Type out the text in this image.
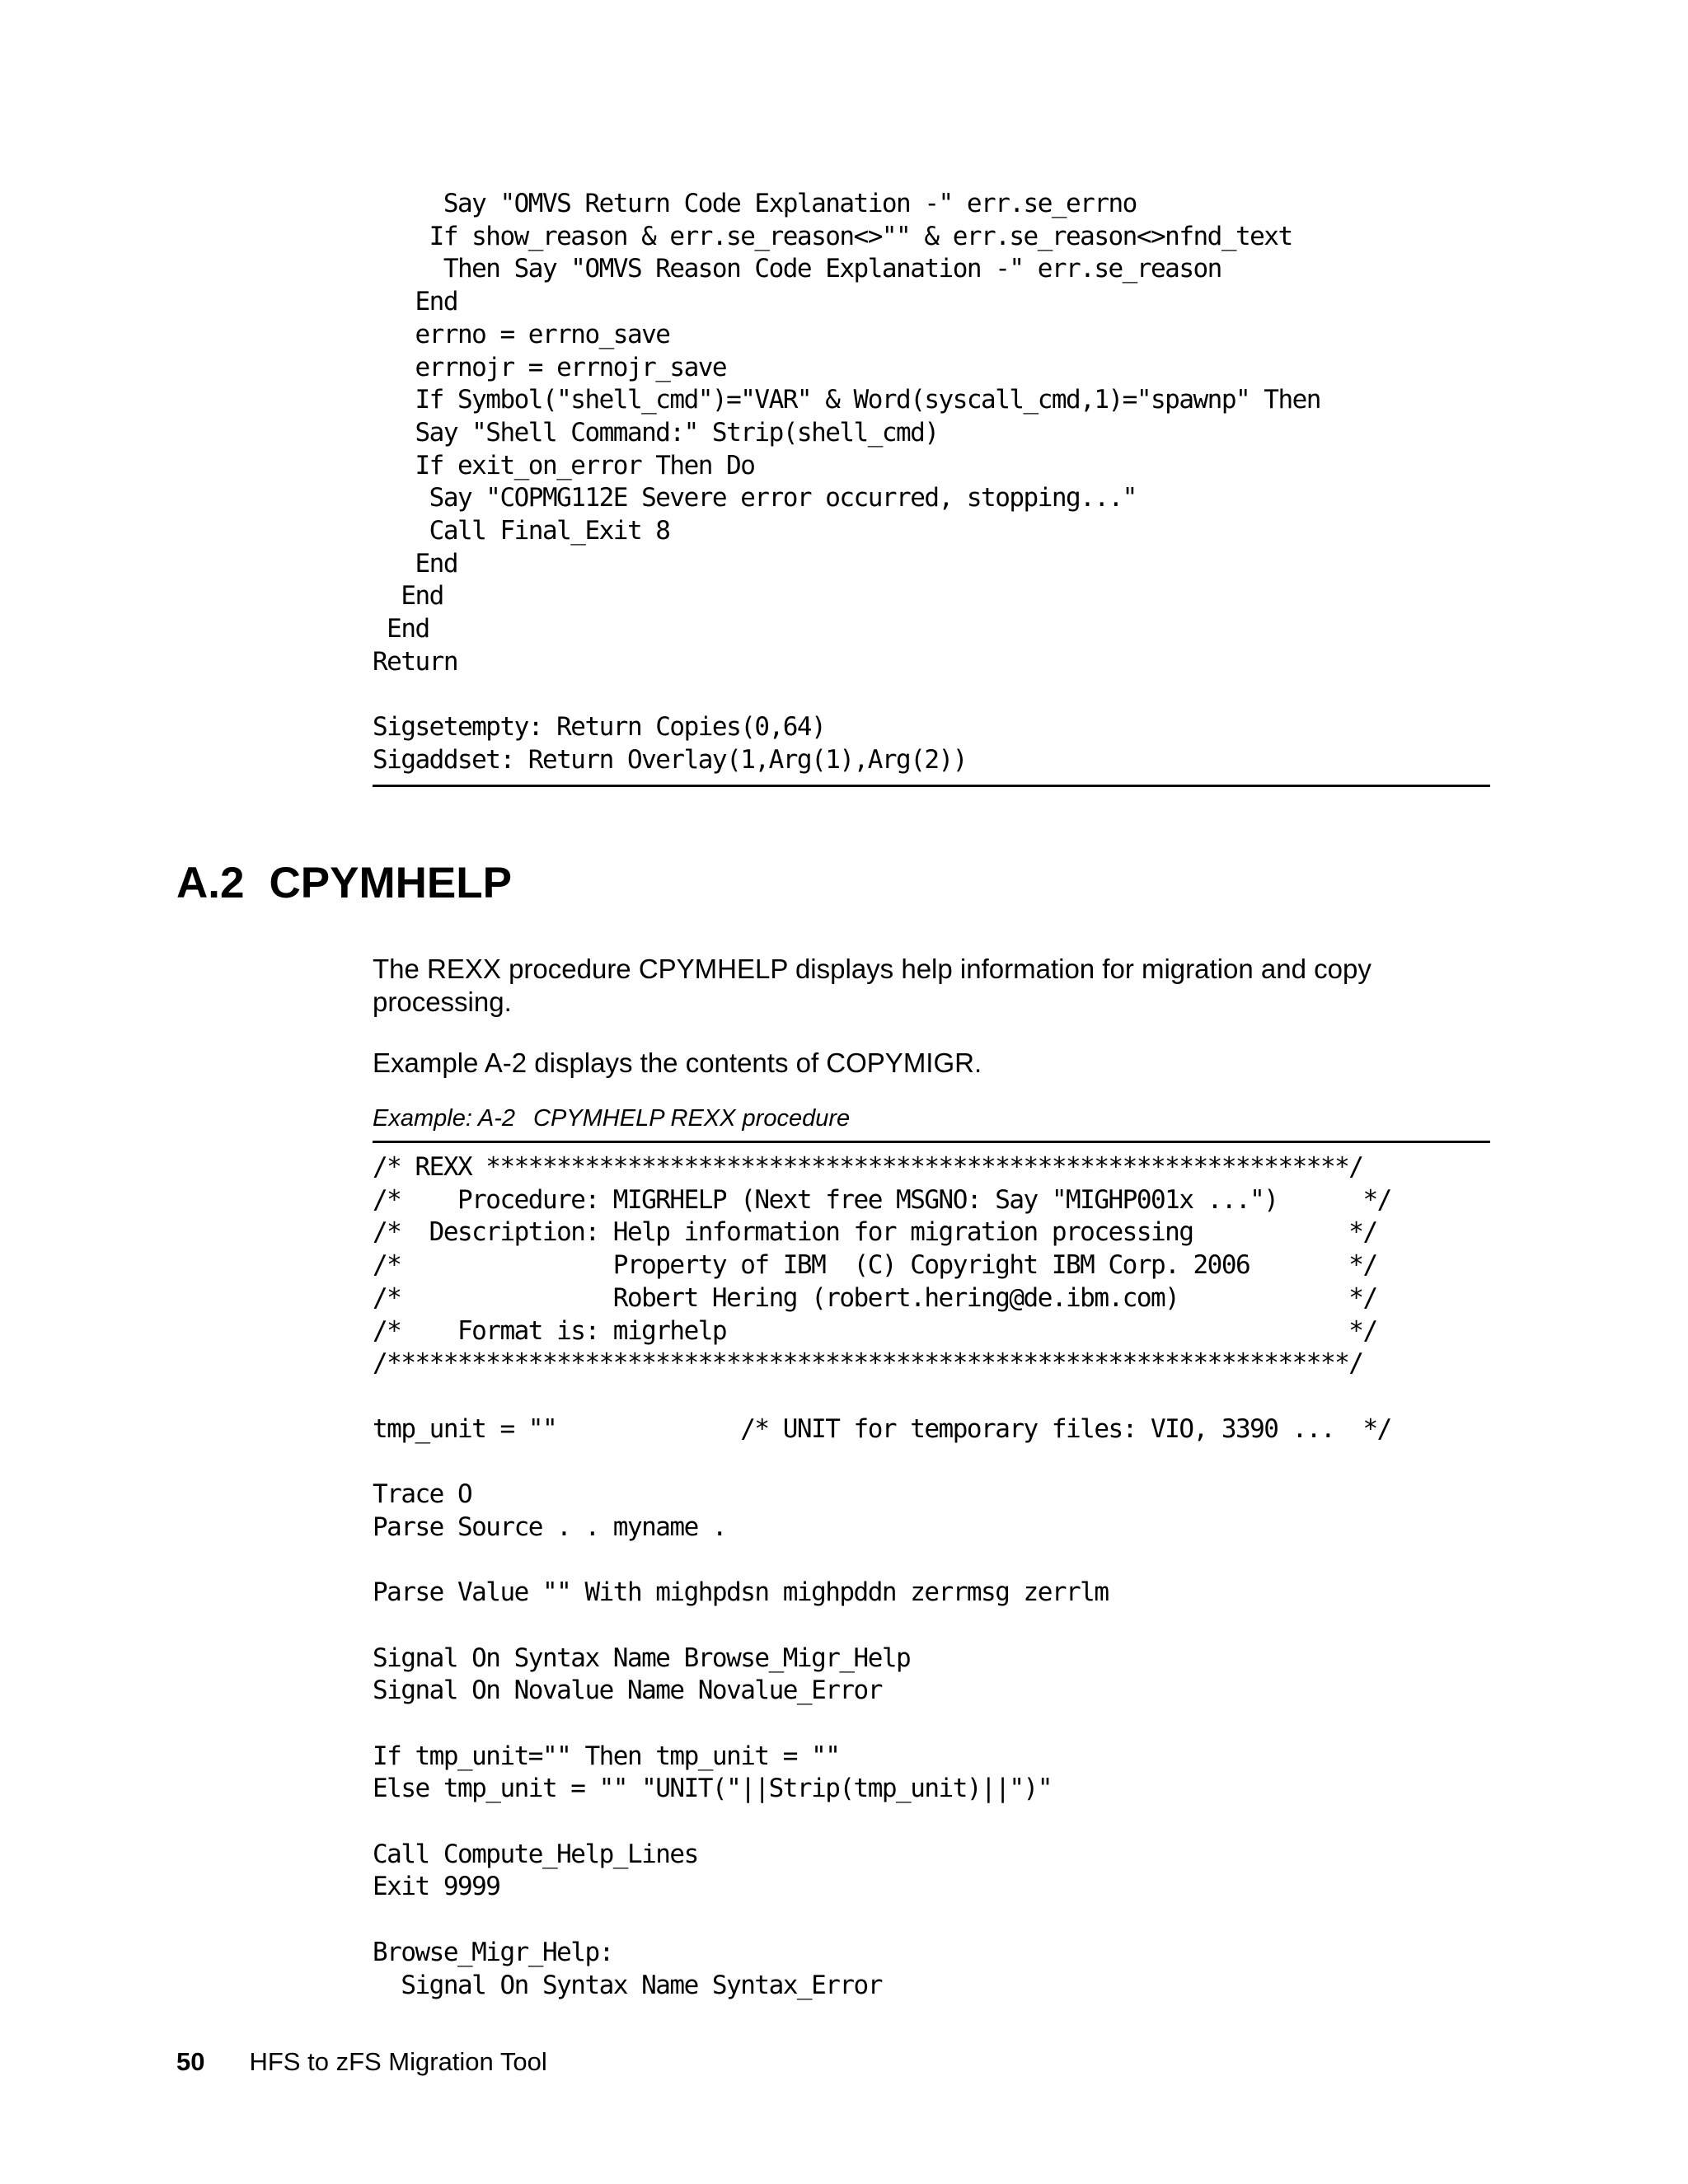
Say "OMVS Return Code Explanation -" err.se_errno
If show_reason & err.se_reason<>"" & err.se_reason<>nfnd_text
Then Say "OMVS Reason Code Explanation -" err.se_reason
End
errno = errno_save
errnojr = errnojr_save
If Symbol("shell_cmd")="VAR" & Word(syscall_cmd,1)="spawnp" Then
Say "Shell Command:" Strip(shell_cmd)
If exit_on_error Then Do
Say "COPMG112E Severe error occurred, stopping..."
Call Final_Exit 8
End
End
End
Return

Sigsetempty: Return Copies(0,64)
Sigaddset: Return Overlay(1,Arg(1),Arg(2))
A.2 CPYMHELP

The REXX procedure CPYMHELP displays help information for migration and copy processing.

Example A-2 displays the contents of COPYMIGR.

Example: A-2 CPYMHELP REXX procedure

/* REXX *************************************************************/
/*    Procedure: MIGRHELP (Next free MSGNO: Say "MIGHP001x ...")      */
/*  Description: Help information for migration processing           */
/*               Property of IBM  (C) Copyright IBM Corp. 2006       */
/*               Robert Hering (robert.hering@de.ibm.com)            */
/*    Format is: migrhelp                                            */
/********************************************************************/

tmp_unit = ""             /* UNIT for temporary files: VIO, 3390 ...  */

Trace O
Parse Source . . myname .

Parse Value "" With mighpdsn mighpddn zerrmsg zerrlm

Signal On Syntax Name Browse_Migr_Help
Signal On Novalue Name Novalue_Error

If tmp_unit="" Then tmp_unit = ""
Else tmp_unit = "" "UNIT("||Strip(tmp_unit)||")"

Call Compute_Help_Lines
Exit 9999

Browse_Migr_Help:
Signal On Syntax Name Syntax_Error
50 HFS to zFS Migration Tool
